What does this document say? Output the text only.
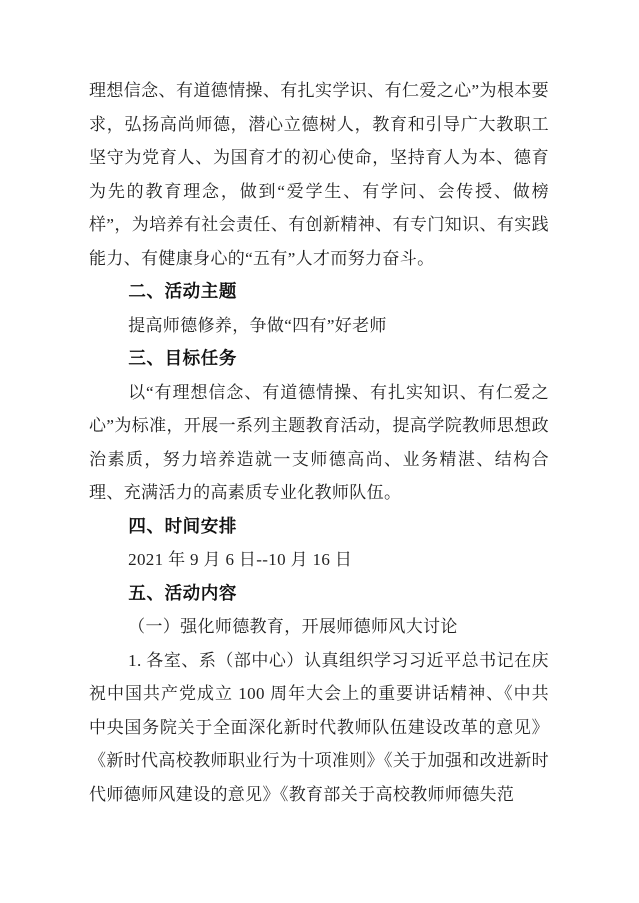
理想信念、有道德情操、有扎实学识、有仁爱之心”为根本要求，弘扬高尚师德，潜心立德树人，教育和引导广大教职工坚守为党育人、为国育才的初心使命，坚持育人为本、德育为先的教育理念，做到“爱学生、有学问、会传授、做榜样”，为培养有社会责任、有创新精神、有专门知识、有实践能力、有健康身心的“五有”人才而努力奋斗。

二、活动主题

提高师德修养，争做“四有”好老师

三、目标任务

以“有理想信念、有道德情操、有扎实知识、有仁爱之心”为标准，开展一系列主题教育活动，提高学院教师思想政治素质，努力培养造就一支师德高尚、业务精湛、结构合理、充满活力的高素质专业化教师队伍。

四、时间安排

2021 年 9 月 6 日--10 月 16 日

五、活动内容

（一）强化师德教育，开展师德师风大讨论

1. 各室、系（部中心）认真组织学习习近平总书记在庆祝中国共产党成立 100 周年大会上的重要讲话精神、《中共中央国务院关于全面深化新时代教师队伍建设改革的意见》《新时代高校教师职业行为十项准则》《关于加强和改进新时代师德师风建设的意见》《教育部关于高校教师师德失范
